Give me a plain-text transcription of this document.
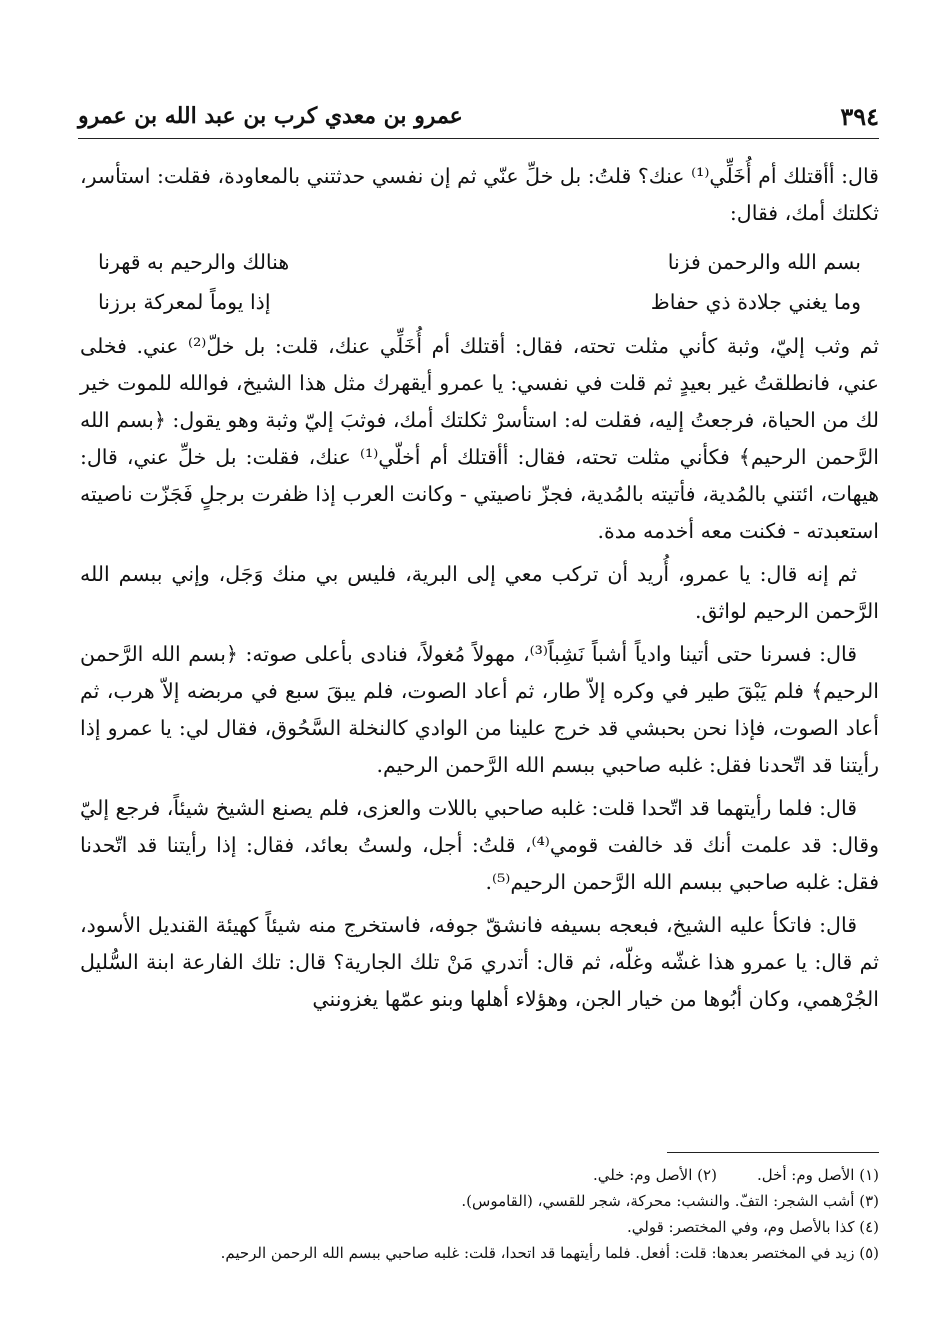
عمرو بن معدي كرب بن عبد الله بن عمرو	٣٩٤

قال: أأقتلك أم أُخَلِّي⁽¹⁾ عنك؟ قلتُ: بل خلِّ عنّي ثم إن نفسي حدثتني بالمعاودة، فقلت: استأسر، ثكلتك أمك، فقال:

بسم الله والرحمن فزنا
هنالك والرحيم به قهرنا
وما يغني جلادة ذي حفاظ
إذا يوماً لمعركة برزنا

ثم وثب إليّ، وثبة كأني مثلت تحته، فقال: أقتلك أم أُخَلِّي عنك، قلت: بل خلّ⁽²⁾ عني. فخلى عني، فانطلقتُ غير بعيدٍ ثم قلت في نفسي: يا عمرو أيقهرك مثل هذا الشيخ، فوالله للموت خير لك من الحياة، فرجعتُ إليه، فقلت له: استأسرْ ثكلتك أمك، فوثبَ إليّ وثبة وهو يقول: ﴿بسم الله الرَّحمن الرحيم﴾ فكأني مثلت تحته، فقال: أأقتلك أم أخلّي⁽¹⁾ عنك، فقلت: بل خلِّ عني، قال: هيهات، ائتني بالمُدية، فأتيته بالمُدية، فجزّ ناصيتي - وكانت العرب إذا ظفرت برجلٍ فَجَزّت ناصيته استعبدته - فكنت معه أخدمه مدة.

ثم إنه قال: يا عمرو، أُريد أن تركب معي إلى البرية، فليس بي منك وَجَل، وإني ببسم الله الرَّحمن الرحيم لواثق.

قال: فسرنا حتى أتينا وادياً أشباً نَشِباً⁽³⁾، مهولاً مُغولاً، فنادى بأعلى صوته: ﴿بسم الله الرَّحمن الرحيم﴾ فلم يَبْقَ طير في وكره إلاّ طار، ثم أعاد الصوت، فلم يبقَ سبع في مربضه إلاّ هرب، ثم أعاد الصوت، فإذا نحن بحبشي قد خرج علينا من الوادي كالنخلة السَّحُوق، فقال لي: يا عمرو إذا رأيتنا قد اتّحدنا فقل: غلبه صاحبي ببسم الله الرَّحمن الرحيم.

قال: فلما رأيتهما قد اتّحدا قلت: غلبه صاحبي باللات والعزى، فلم يصنع الشيخ شيئاً، فرجع إليّ وقال: قد علمت أنك قد خالفت قومي⁽⁴⁾، قلتُ: أجل، ولستُ بعائد، فقال: إذا رأيتنا قد اتّحدنا فقل: غلبه صاحبي ببسم الله الرَّحمن الرحيم⁽⁵⁾.

قال: فاتكأ عليه الشيخ، فبعجه بسيفه فانشقّ جوفه، فاستخرج منه شيئاً كهيئة القنديل الأسود، ثم قال: يا عمرو هذا غشّه وغلّه، ثم قال: أتدري مَنْ تلك الجارية؟ قال: تلك الفارعة ابنة السُّليل الجُرْهمي، وكان أبُوها من خيار الجن، وهؤلاء أهلها وبنو عمّها يغزونني

(١) الأصل وم: أخل.
(٢) الأصل وم: خلي.
(٣) أشب الشجر: التفّ. والنشب: محركة، شجر للقسي، (القاموس).
(٤) كذا بالأصل وم، وفي المختصر: قولي.
(٥) زيد في المختصر بعدها: قلت: أفعل. فلما رأيتهما قد اتحدا، قلت: غلبه صاحبي ببسم الله الرحمن الرحيم.
